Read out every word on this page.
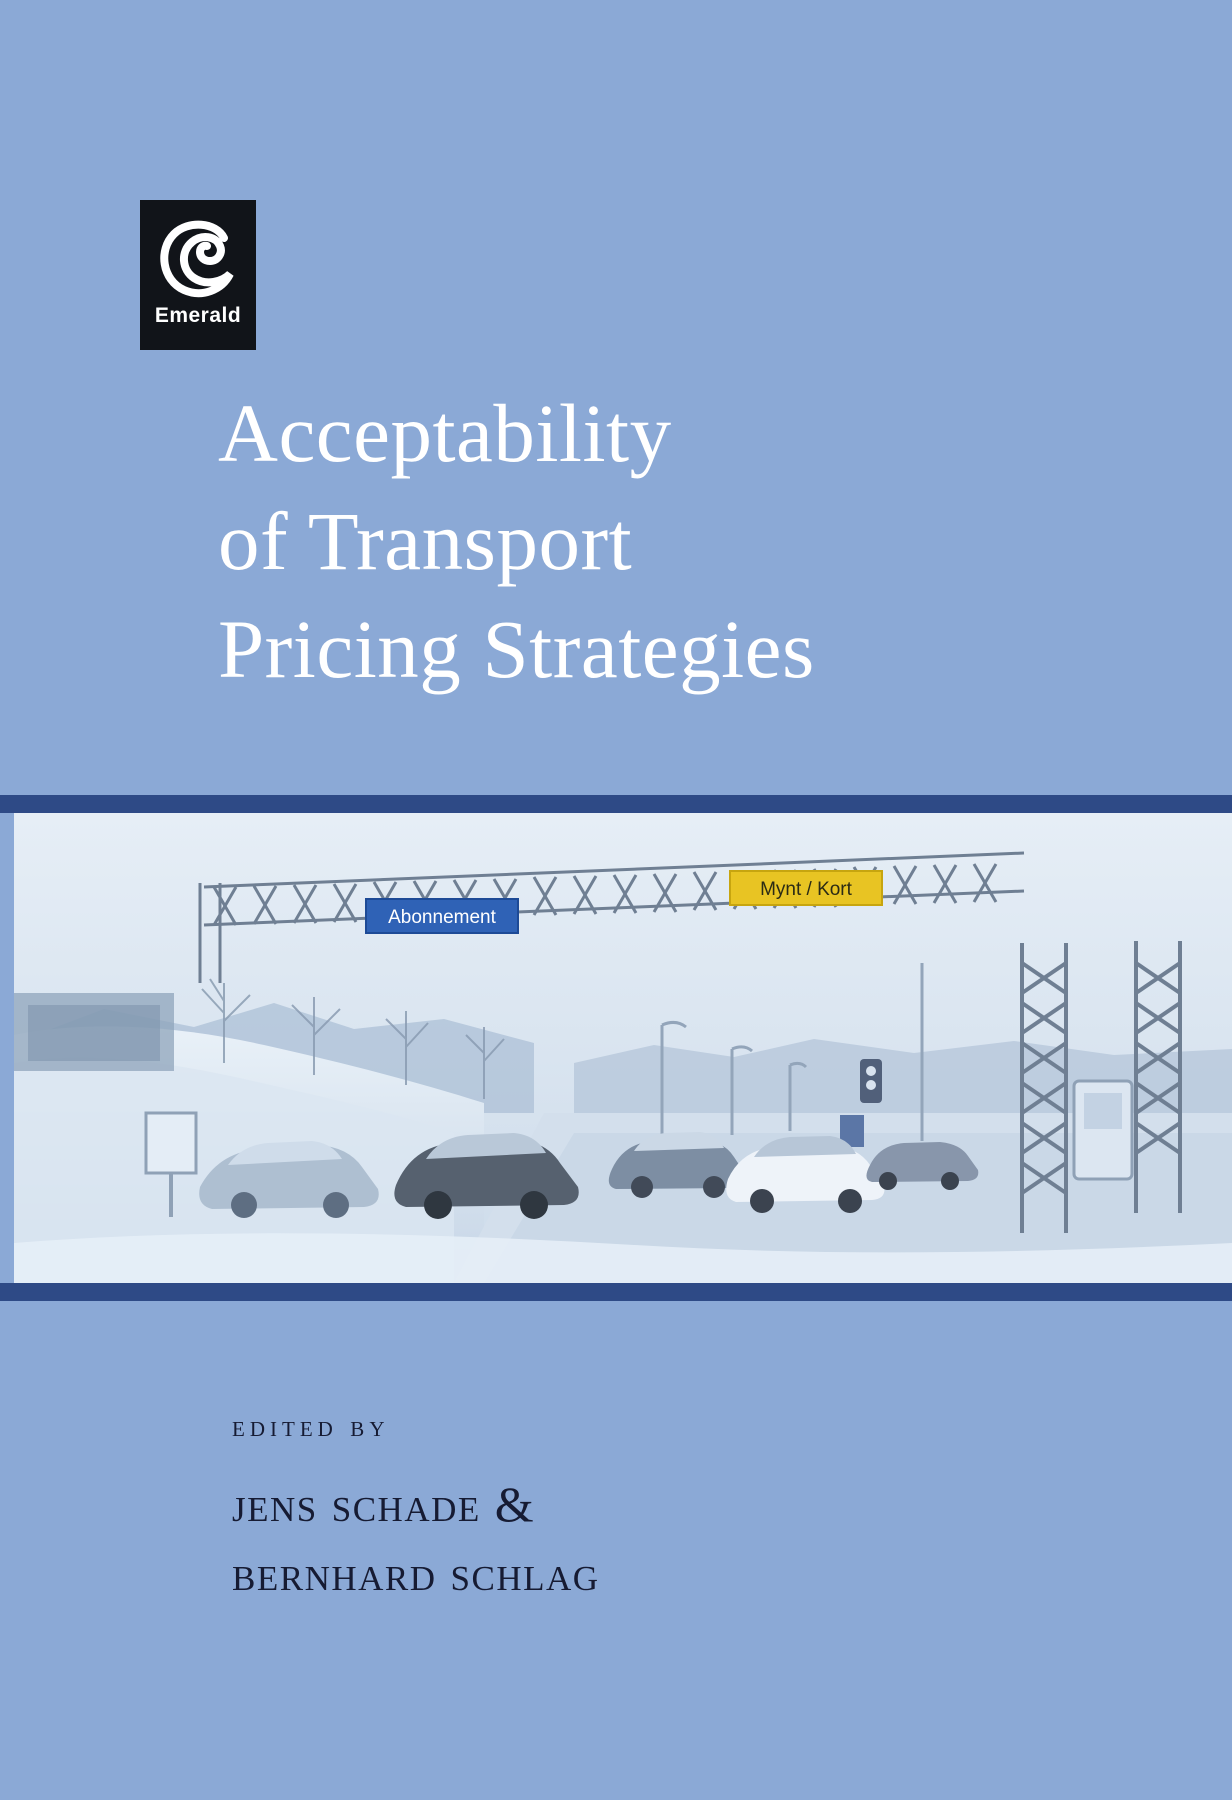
Emerald
Acceptability
of Transport
Pricing Strategies
Abonnement
Mynt / Kort
edited by
jens schade &
bernhard schlag
